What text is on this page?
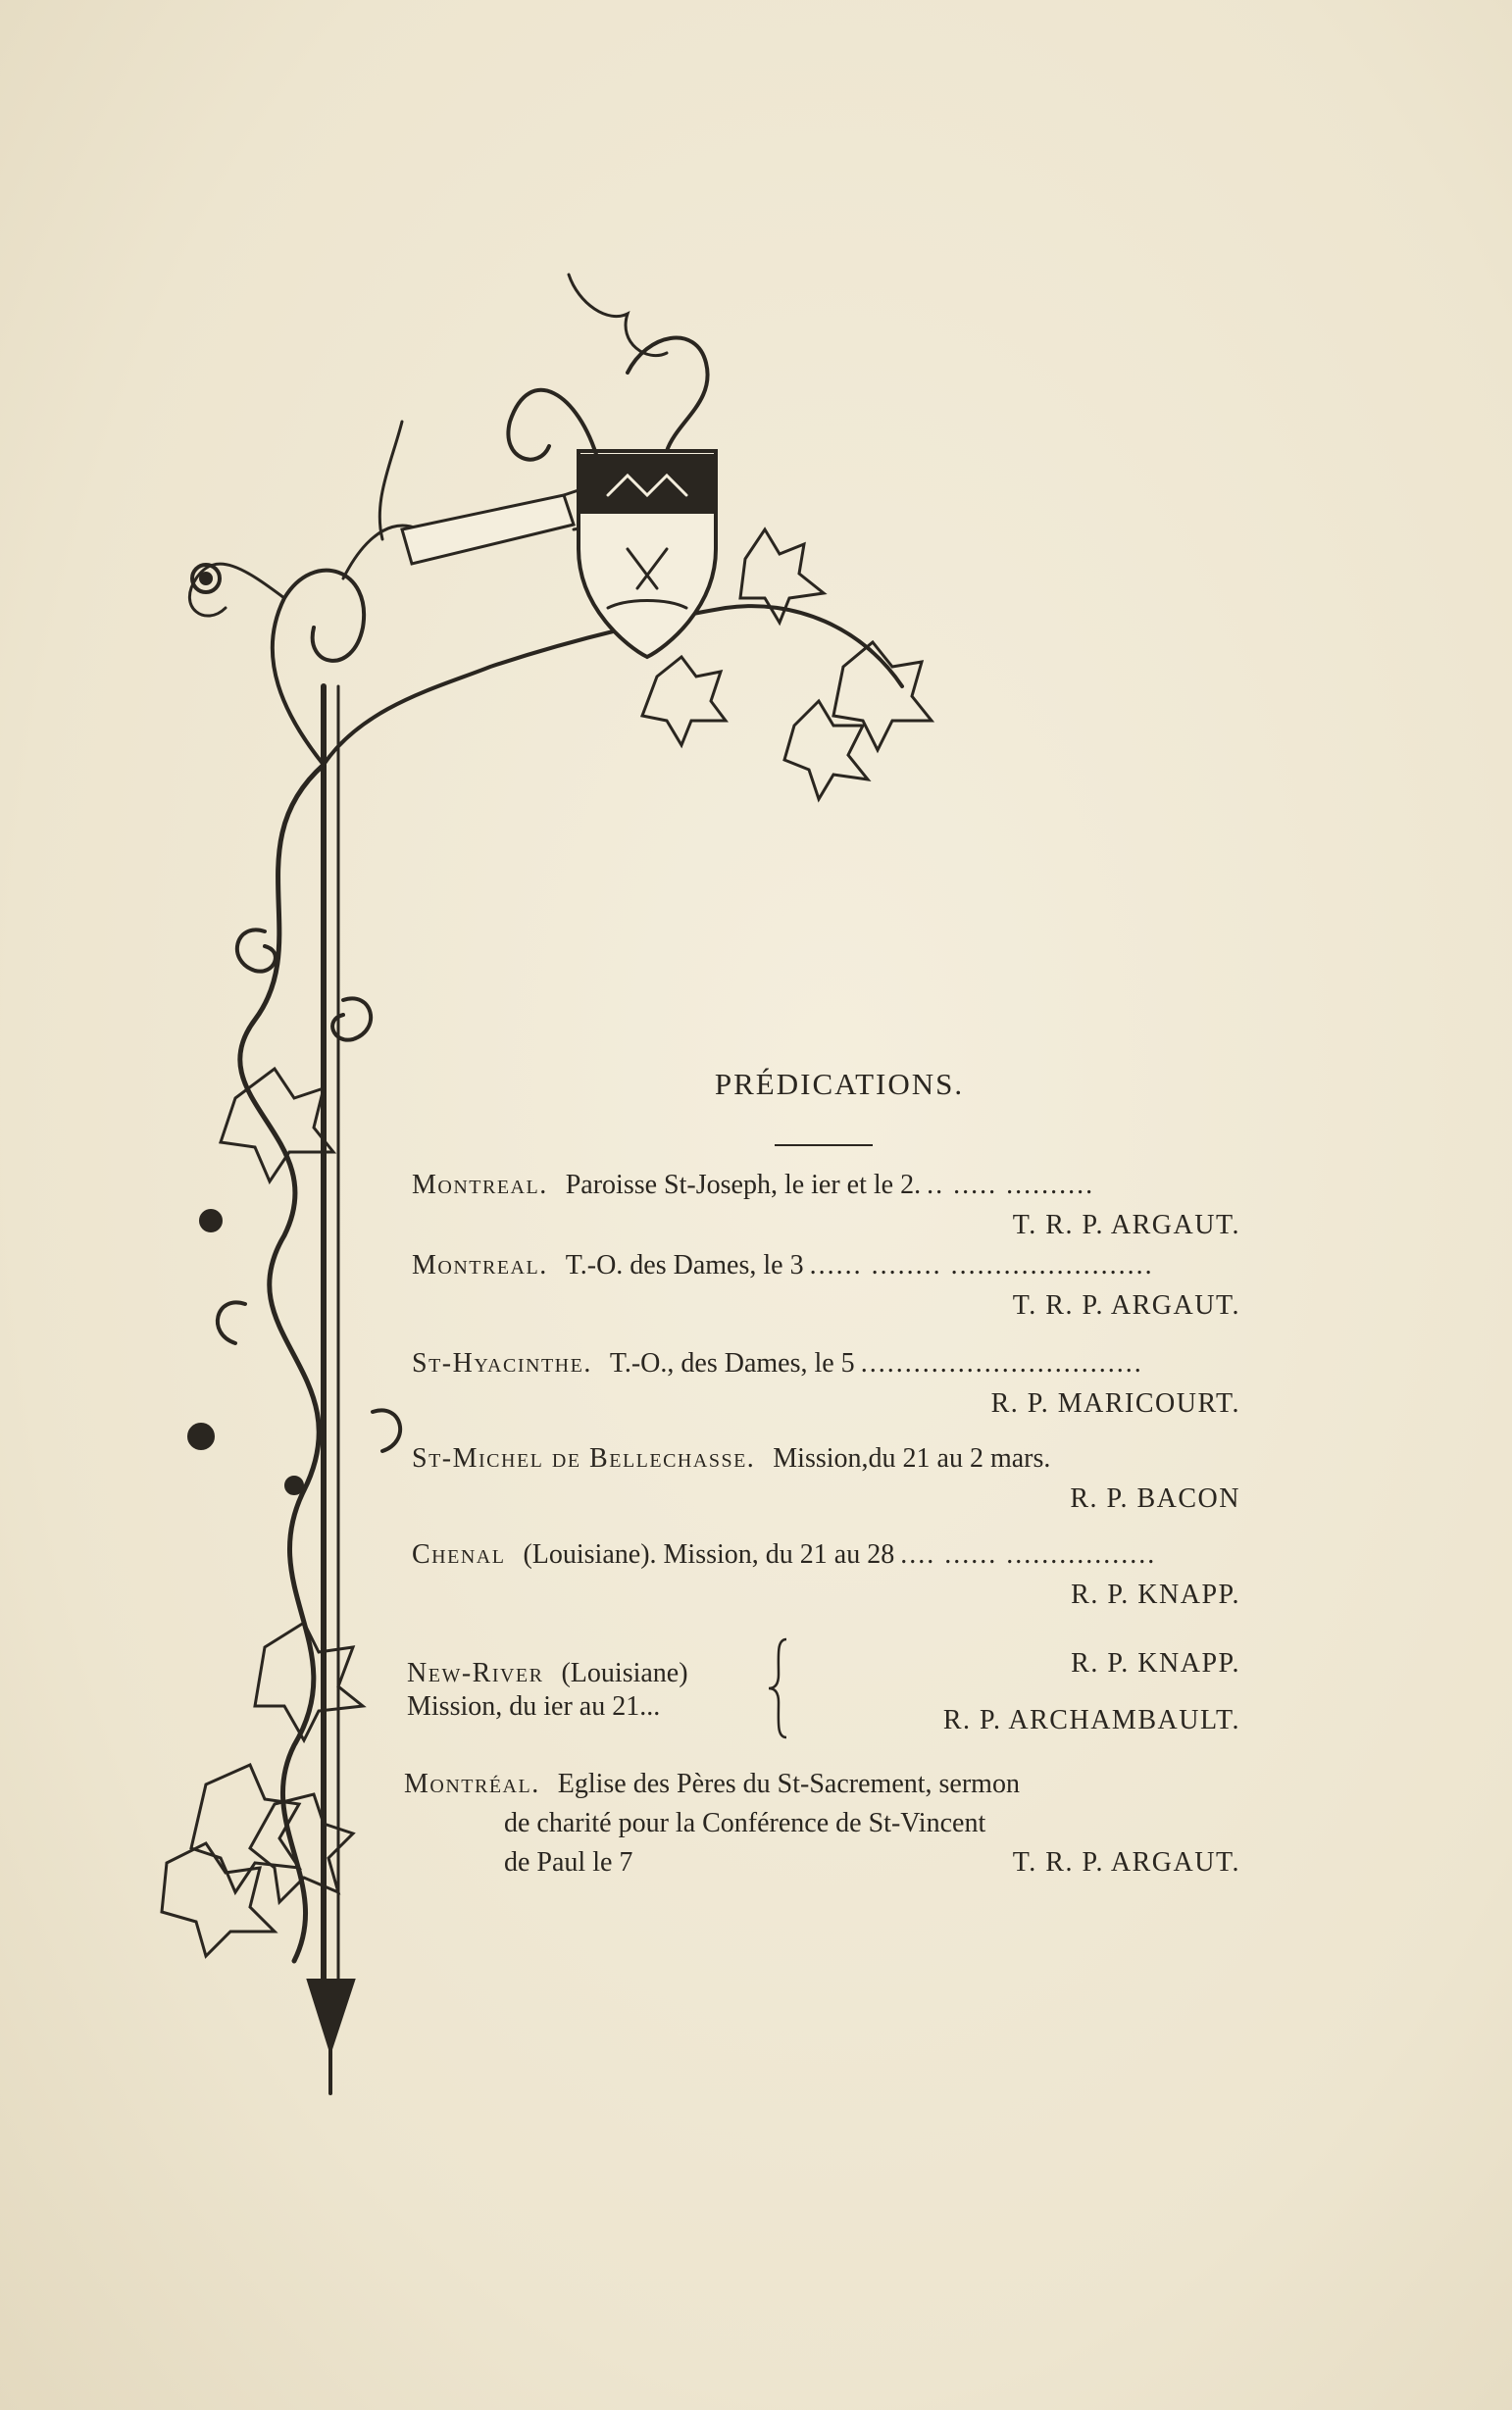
PRÉDICATIONS.
Montreal. Paroisse St-Joseph, le ier et le 2. .. ..... ..........
T. R. P. ARGAUT.
Montreal. T.-O. des Dames, le 3 ...... ........ .......................
T. R. P. ARGAUT.
St-Hyacinthe. T.-O., des Dames, le 5 ................................
R. P. MARICOURT.
St-Michel de Bellechasse. Mission,du 21 au 2 mars.
R. P. BACON
Chenal (Louisiane). Mission, du 21 au 28 .... ...... .................
R. P. KNAPP.
New-River (Louisiane)
Mission, du ier au 21...
R. P. KNAPP.
R. P. ARCHAMBAULT.
Montréal. Eglise des Pères du St-Sacrement, sermon
de charité pour la Conférence de St-Vincent
de Paul le 7	T. R. P. ARGAUT.
